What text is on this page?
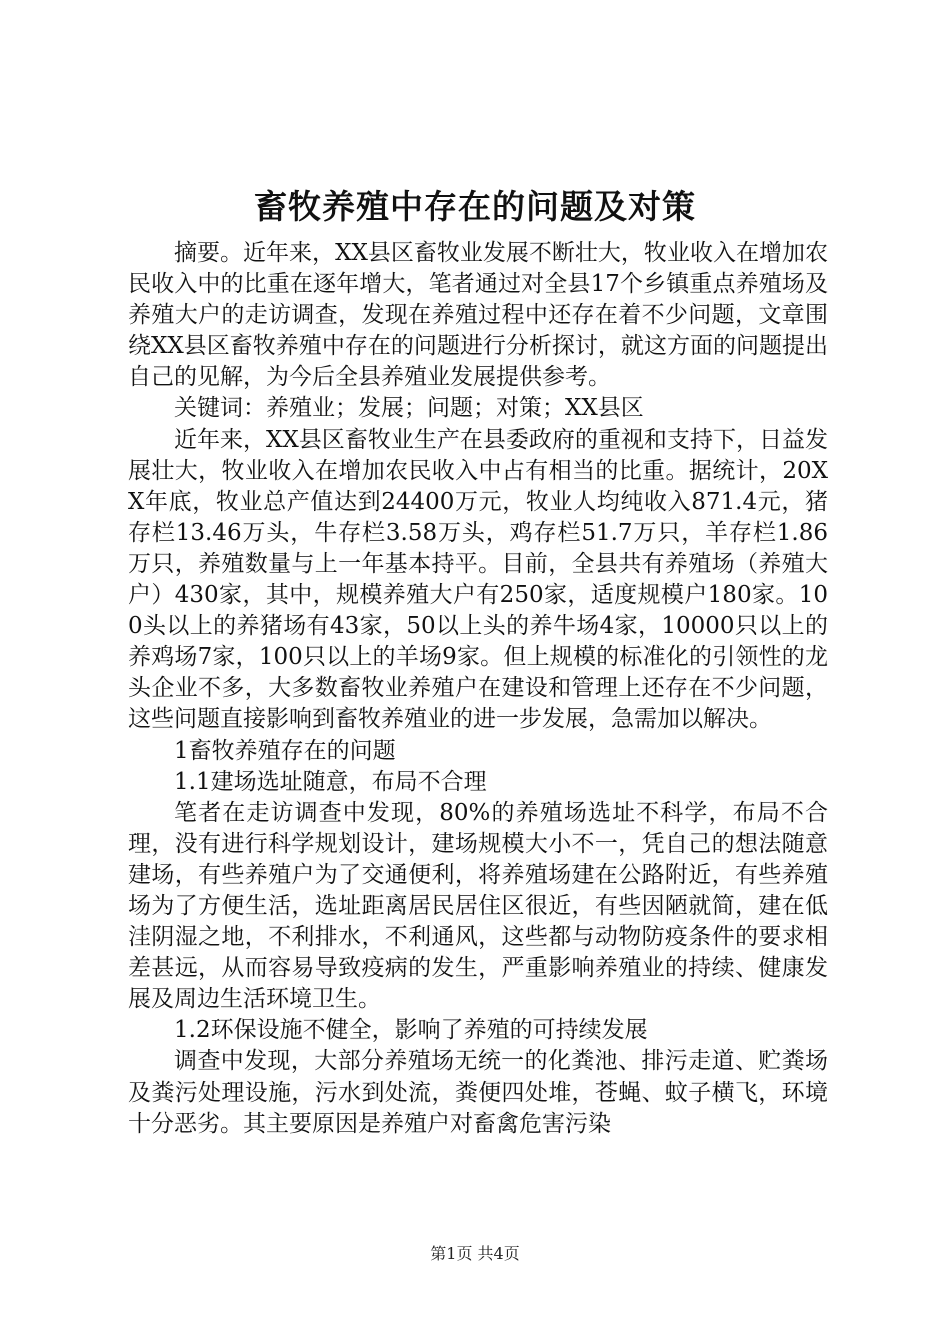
畜牧养殖中存在的问题及对策

摘要。近年来，XX县区畜牧业发展不断壮大，牧业收入在增加农民收入中的比重在逐年增大，笔者通过对全县17个乡镇重点养殖场及养殖大户的走访调查，发现在养殖过程中还存在着不少问题，文章围绕XX县区畜牧养殖中存在的问题进行分析探讨，就这方面的问题提出自己的见解，为今后全县养殖业发展提供参考。

关键词：养殖业；发展；问题；对策；XX县区

近年来，XX县区畜牧业生产在县委政府的重视和支持下，日益发展壮大，牧业收入在增加农民收入中占有相当的比重。据统计，20XX年底，牧业总产值达到24400万元，牧业人均纯收入871.4元，猪存栏13.46万头，牛存栏3.58万头，鸡存栏51.7万只，羊存栏1.86万只，养殖数量与上一年基本持平。目前，全县共有养殖场（养殖大户）430家，其中，规模养殖大户有250家，适度规模户180家。100头以上的养猪场有43家，50以上头的养牛场4家，10000只以上的养鸡场7家，100只以上的羊场9家。但上规模的标准化的引领性的龙头企业不多，大多数畜牧业养殖户在建设和管理上还存在不少问题，这些问题直接影响到畜牧养殖业的进一步发展，急需加以解决。

1畜牧养殖存在的问题

1.1建场选址随意，布局不合理

笔者在走访调查中发现，80%的养殖场选址不科学，布局不合理，没有进行科学规划设计，建场规模大小不一，凭自己的想法随意建场，有些养殖户为了交通便利，将养殖场建在公路附近，有些养殖场为了方便生活，选址距离居民居住区很近，有些因陋就简，建在低洼阴湿之地，不利排水，不利通风，这些都与动物防疫条件的要求相差甚远，从而容易导致疫病的发生，严重影响养殖业的持续、健康发展及周边生活环境卫生。

1.2环保设施不健全，影响了养殖的可持续发展

调查中发现，大部分养殖场无统一的化粪池、排污走道、贮粪场及粪污处理设施，污水到处流，粪便四处堆，苍蝇、蚊子横飞，环境十分恶劣。其主要原因是养殖户对畜禽危害污染

第1页 共4页
